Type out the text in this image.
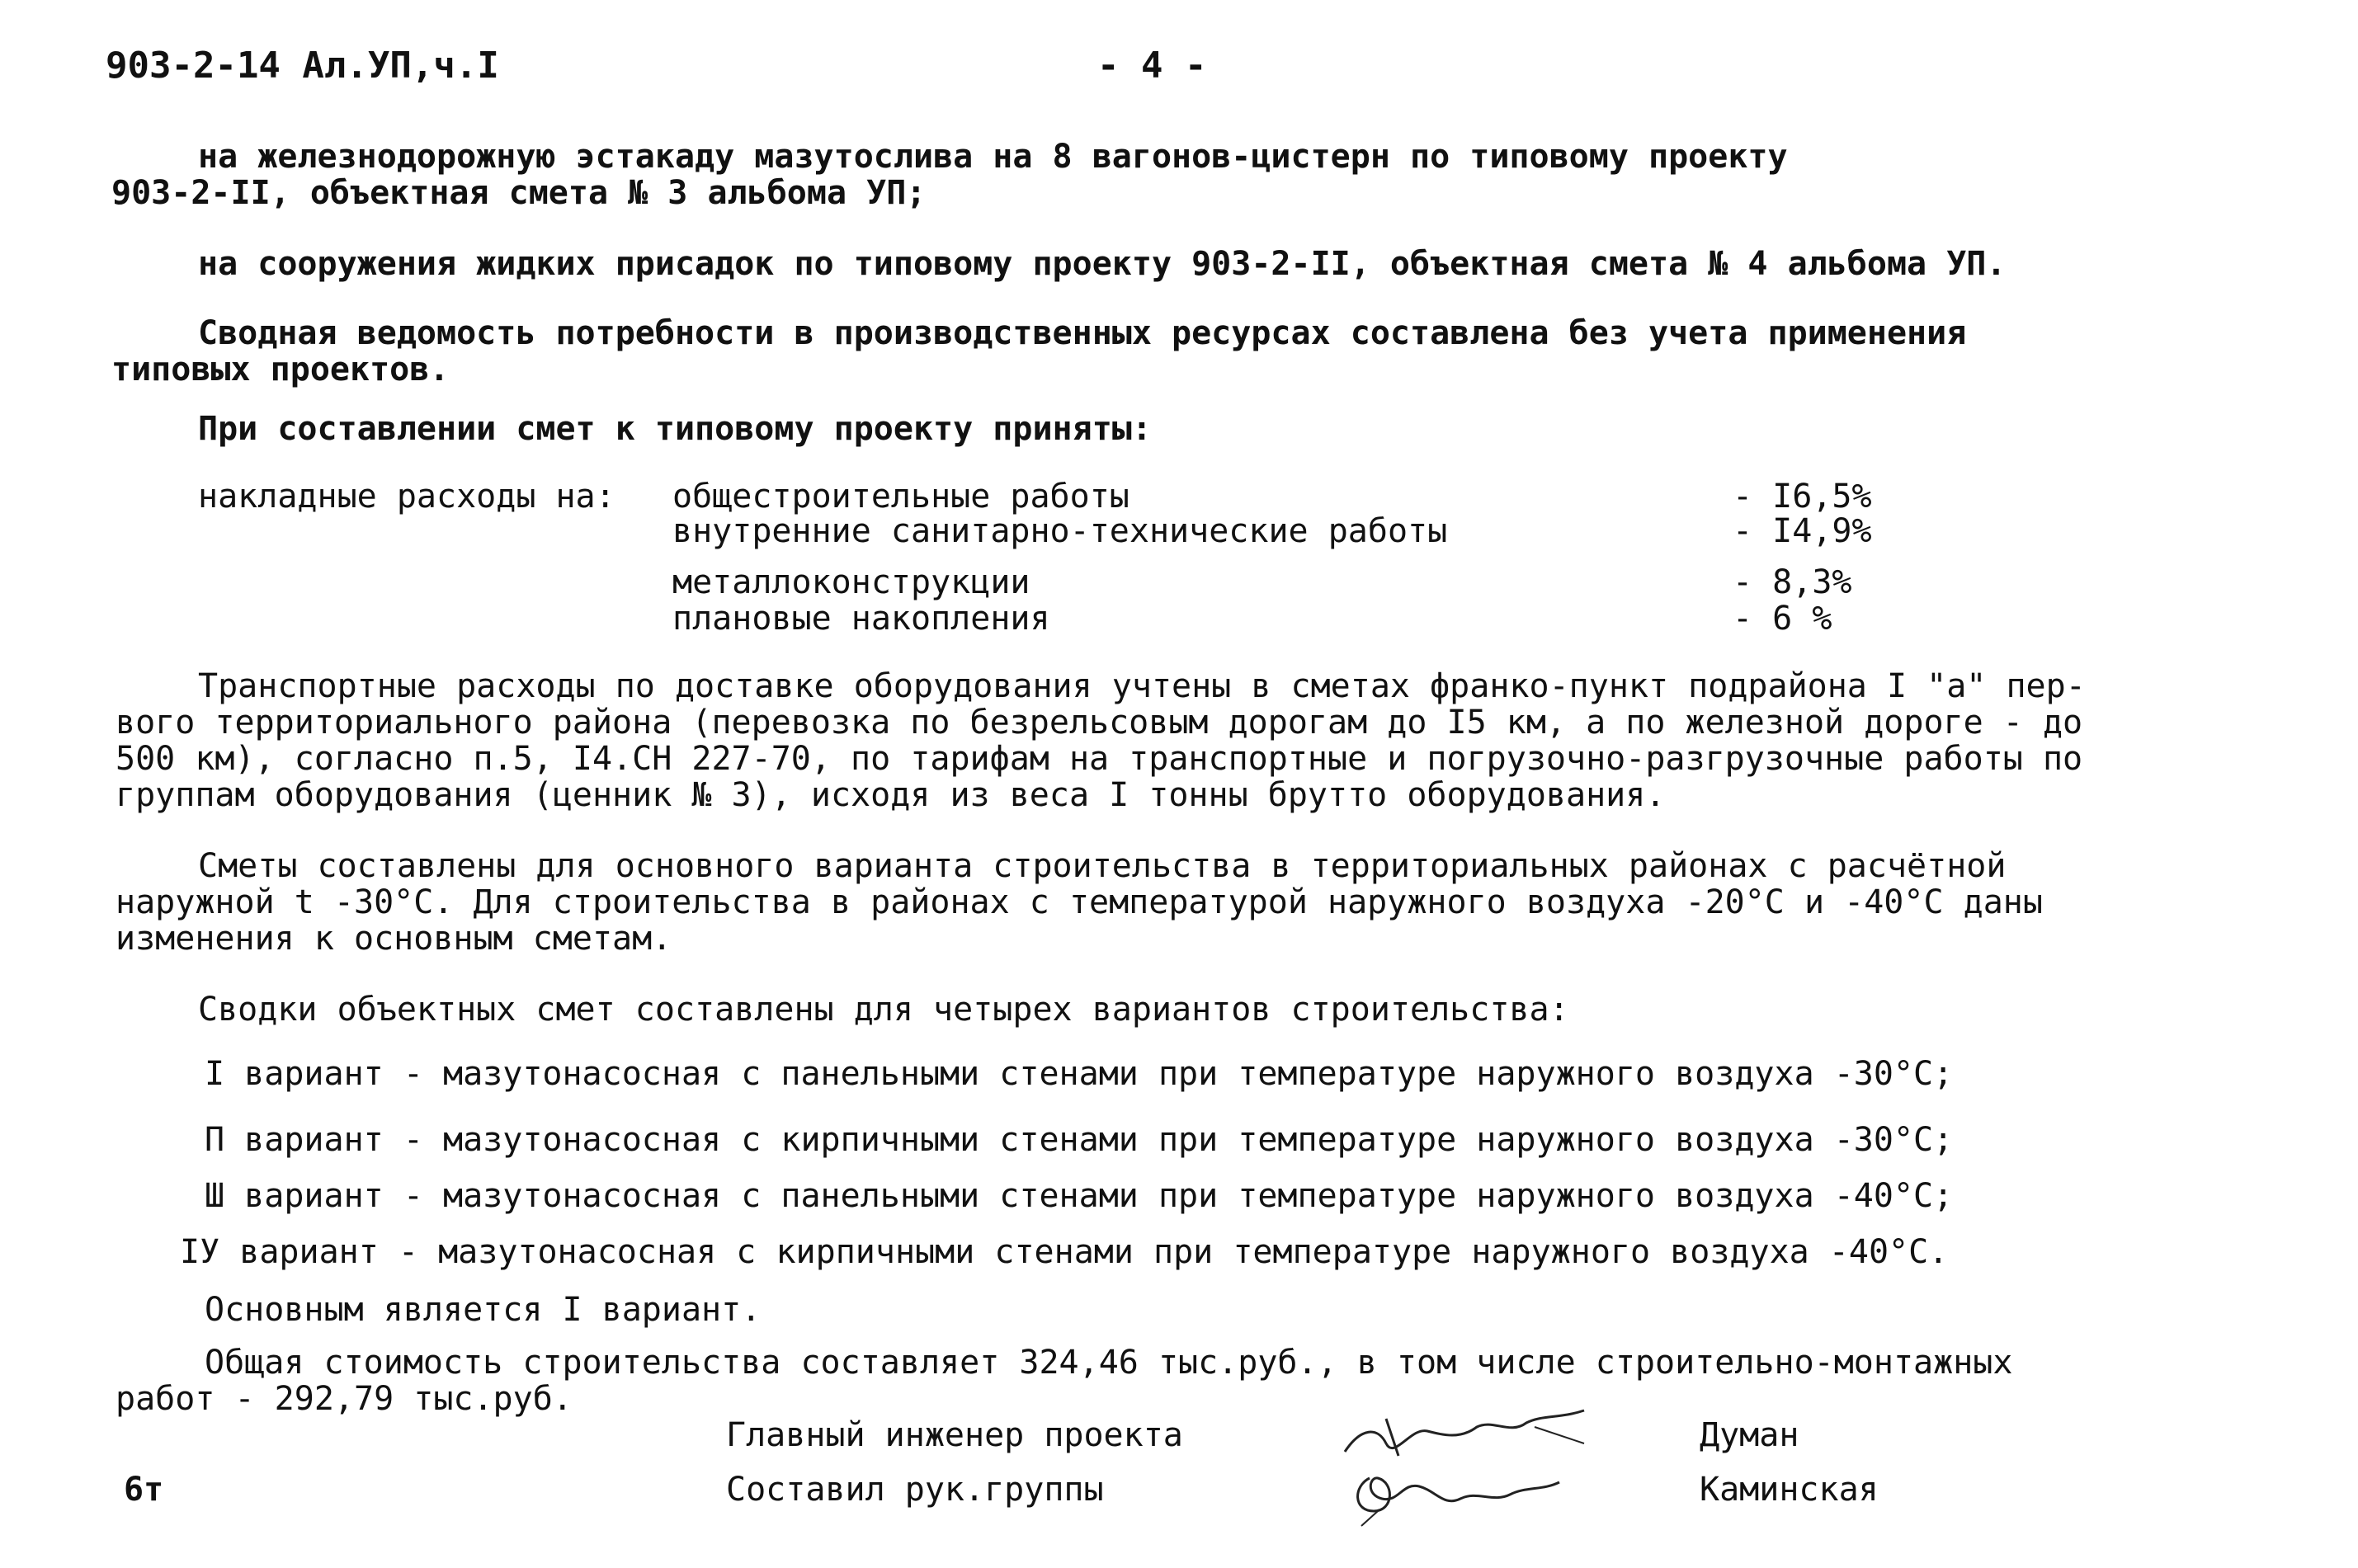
903-2-14 Ал.УП,ч.I	- 4 -
на железнодорожную эстакаду мазутослива на 8 вагонов-цистерн по типовому проекту
903-2-II, объектная смета № 3 альбома УП;
на сооружения жидких присадок по типовому проекту 903-2-II, объектная смета № 4 альбома УП.
Сводная ведомость потребности в производственных ресурсах составлена без учета применения
типовых проектов.
При составлении смет к типовому проекту приняты:
накладные расходы на: общестроительные работы	- I6,5%
внутренние санитарно-технические работы	- I4,9%
металлоконструкции	- 8,3%
плановые накопления	- 6 %
Транспортные расходы по доставке оборудования учтены в сметах франко-пункт подрайона I "а" пер-
вого территориального района (перевозка по безрельсовым дорогам до I5 км, а по железной дороге - до
500 км), согласно п.5, I4.СН 227-70, по тарифам на транспортные и погрузочно-разгрузочные работы по
группам оборудования (ценник № 3), исходя из веса I тонны брутто оборудования.
Сметы составлены для основного варианта строительства в территориальных районах с расчётной
наружной t -30°С. Для строительства в районах с температурой наружного воздуха -20°С и -40°С даны
изменения к основным сметам.
Сводки объектных смет составлены для четырех вариантов строительства:
I вариант - мазутонасосная с панельными стенами при температуре наружного воздуха -30°С;
П вариант - мазутонасосная с кирпичными стенами при температуре наружного воздуха -30°С;
Ш вариант - мазутонасосная с панельными стенами при температуре наружного воздуха -40°С;
IУ вариант - мазутонасосная с кирпичными стенами при температуре наружного воздуха -40°С.
Основным является I вариант.
Общая стоимость строительства составляет 324,46 тыс.руб., в том числе строительно-монтажных
работ - 292,79 тыс.руб.
Главный инженер проекта	Думан
Составил рук.группы	Каминская
6т
